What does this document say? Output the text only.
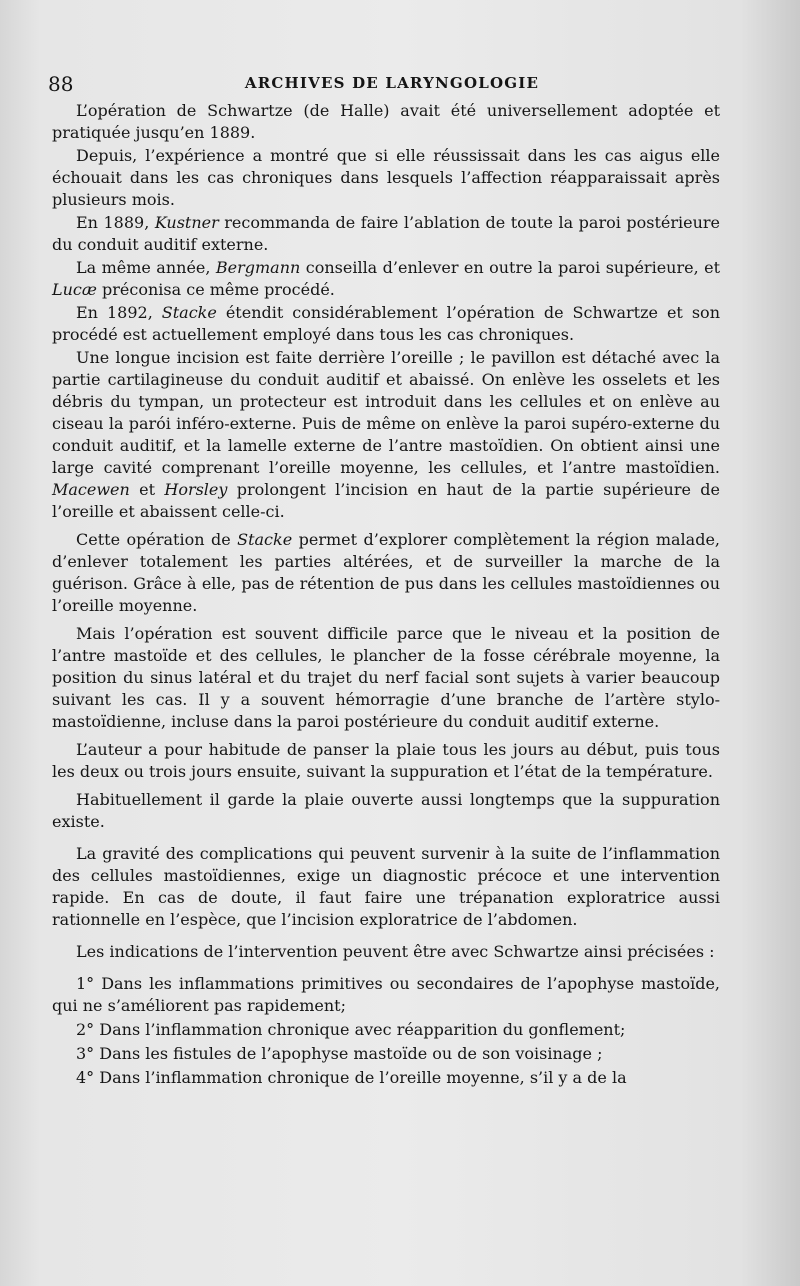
88	ARCHIVES DE LARYNGOLOGIE

L’opération de Schwartze (de Halle) avait été universellement adoptée et pratiquée jusqu’en 1889.

Depuis, l’expérience a montré que si elle réussissait dans les cas aigus elle échouait dans les cas chroniques dans lesquels l’affection réapparaissait après plusieurs mois.

En 1889, Kustner recommanda de faire l’ablation de toute la paroi postérieure du conduit auditif externe.

La même année, Bergmann conseilla d’enlever en outre la paroi supérieure, et Lucæ préconisa ce même procédé.

En 1892, Stacke étendit considérablement l’opération de Schwartze et son procédé est actuellement employé dans tous les cas chroniques.

Une longue incision est faite derrière l’oreille ; le pavillon est détaché avec la partie cartilagineuse du conduit auditif et abaissé. On enlève les osselets et les débris du tympan, un protecteur est introduit dans les cellules et on enlève au ciseau la parói inféro-externe. Puis de même on enlève la paroi supéro-externe du conduit auditif, et la lamelle externe de l’antre mastoïdien. On obtient ainsi une large cavité comprenant l’oreille moyenne, les cellules, et l’antre mastoïdien. Macewen et Horsley prolongent l’incision en haut de la partie supérieure de l’oreille et abaissent celle-ci.

Cette opération de Stacke permet d’explorer complètement la région malade, d’enlever totalement les parties altérées, et de surveiller la marche de la guérison. Grâce à elle, pas de rétention de pus dans les cellules mastoïdiennes ou l’oreille moyenne.

Mais l’opération est souvent difficile parce que le niveau et la position de l’antre mastoïde et des cellules, le plancher de la fosse cérébrale moyenne, la position du sinus latéral et du trajet du nerf facial sont sujets à varier beaucoup suivant les cas. Il y a souvent hémorragie d’une branche de l’artère stylo-mastoïdienne, incluse dans la paroi postérieure du conduit auditif externe.

L’auteur a pour habitude de panser la plaie tous les jours au début, puis tous les deux ou trois jours ensuite, suivant la suppuration et l’état de la température.

Habituellement il garde la plaie ouverte aussi longtemps que la suppuration existe.

La gravité des complications qui peuvent survenir à la suite de l’inflammation des cellules mastoïdiennes, exige un diagnostic précoce et une intervention rapide. En cas de doute, il faut faire une trépanation exploratrice aussi rationnelle en l’espèce, que l’incision exploratrice de l’abdomen.

Les indications de l’intervention peuvent être avec Schwartze ainsi précisées :

1° Dans les inflammations primitives ou secondaires de l’apophyse mastoïde, qui ne s’améliorent pas rapidement;

2° Dans l’inflammation chronique avec réapparition du gonflement;

3° Dans les fistules de l’apophyse mastoïde ou de son voisinage ;

4° Dans l’inflammation chronique de l’oreille moyenne, s’il y a de la
